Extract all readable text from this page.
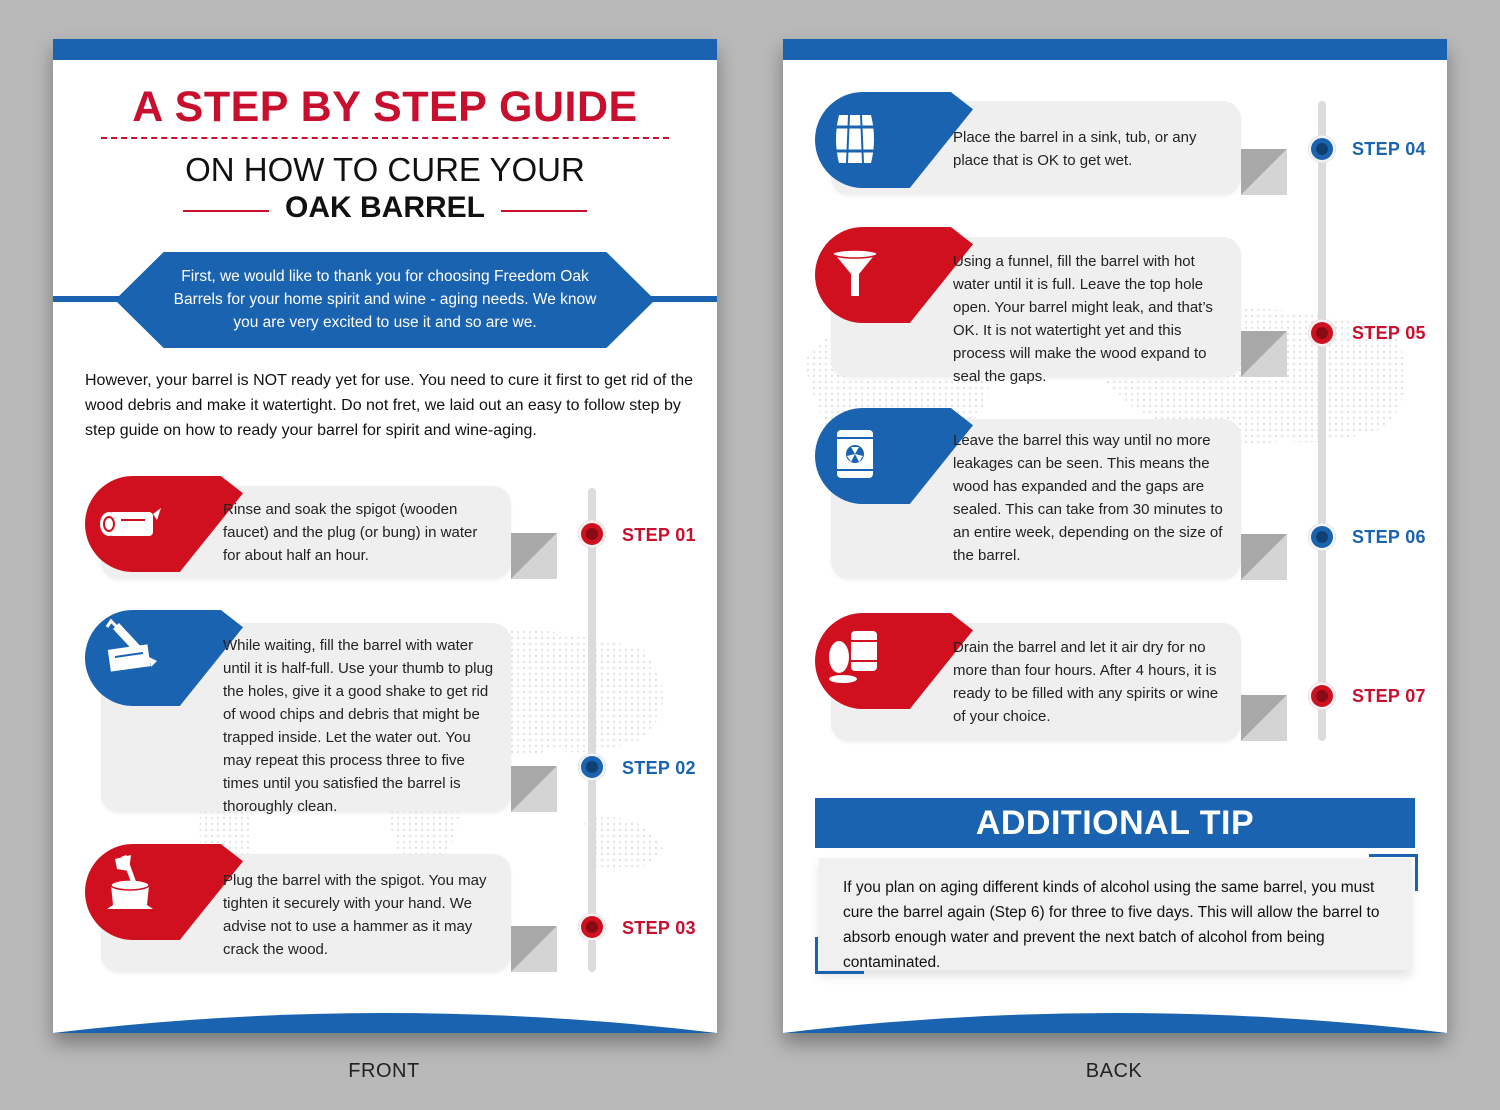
A STEP BY STEP GUIDE
ON HOW TO CURE YOUR
OAK BARREL
First, we would like to thank you for choosing Freedom Oak Barrels for your home spirit and wine - aging needs. We know you are very excited to use it and so are we.
However, your barrel is NOT ready yet for use. You need to cure it first to get rid of the wood debris and make it watertight. Do not fret, we laid out an easy to follow step by step guide on how to ready your barrel for spirit and wine-aging.
Rinse and soak the spigot (wooden faucet) and the plug (or bung) in water for about half an hour.
STEP 01
While waiting, fill the barrel with water until it is half-full. Use your thumb to plug the holes, give it a good shake to get rid of wood chips and debris that might be trapped inside. Let the water out. You may repeat this process three to five times until you satisfied the barrel is thoroughly clean.
STEP 02
Plug the barrel with the spigot. You may tighten it securely with your hand. We advise not to use a hammer as it may crack the wood.
STEP 03
Place the barrel in a sink, tub, or any place that is OK to get wet.
STEP 04
Using a funnel, fill the barrel with hot water until it is full. Leave the top hole open. Your barrel might leak, and that’s OK. It is not watertight yet and this process will make the wood expand to seal the gaps.
STEP 05
Leave the barrel this way until no more leakages can be seen. This means the wood has expanded and the gaps are sealed. This can take from 30 minutes to an entire week, depending on the size of the barrel.
STEP 06
Drain the barrel and let it air dry for no more than four hours. After 4 hours, it is ready to be filled with any spirits or wine of your choice.
STEP 07
ADDITIONAL TIP
If you plan on aging different kinds of alcohol using the same barrel, you must cure the barrel again (Step 6) for three to five days. This will allow the barrel to absorb enough water and prevent the next batch of alcohol from being contaminated.
FRONT	BACK
